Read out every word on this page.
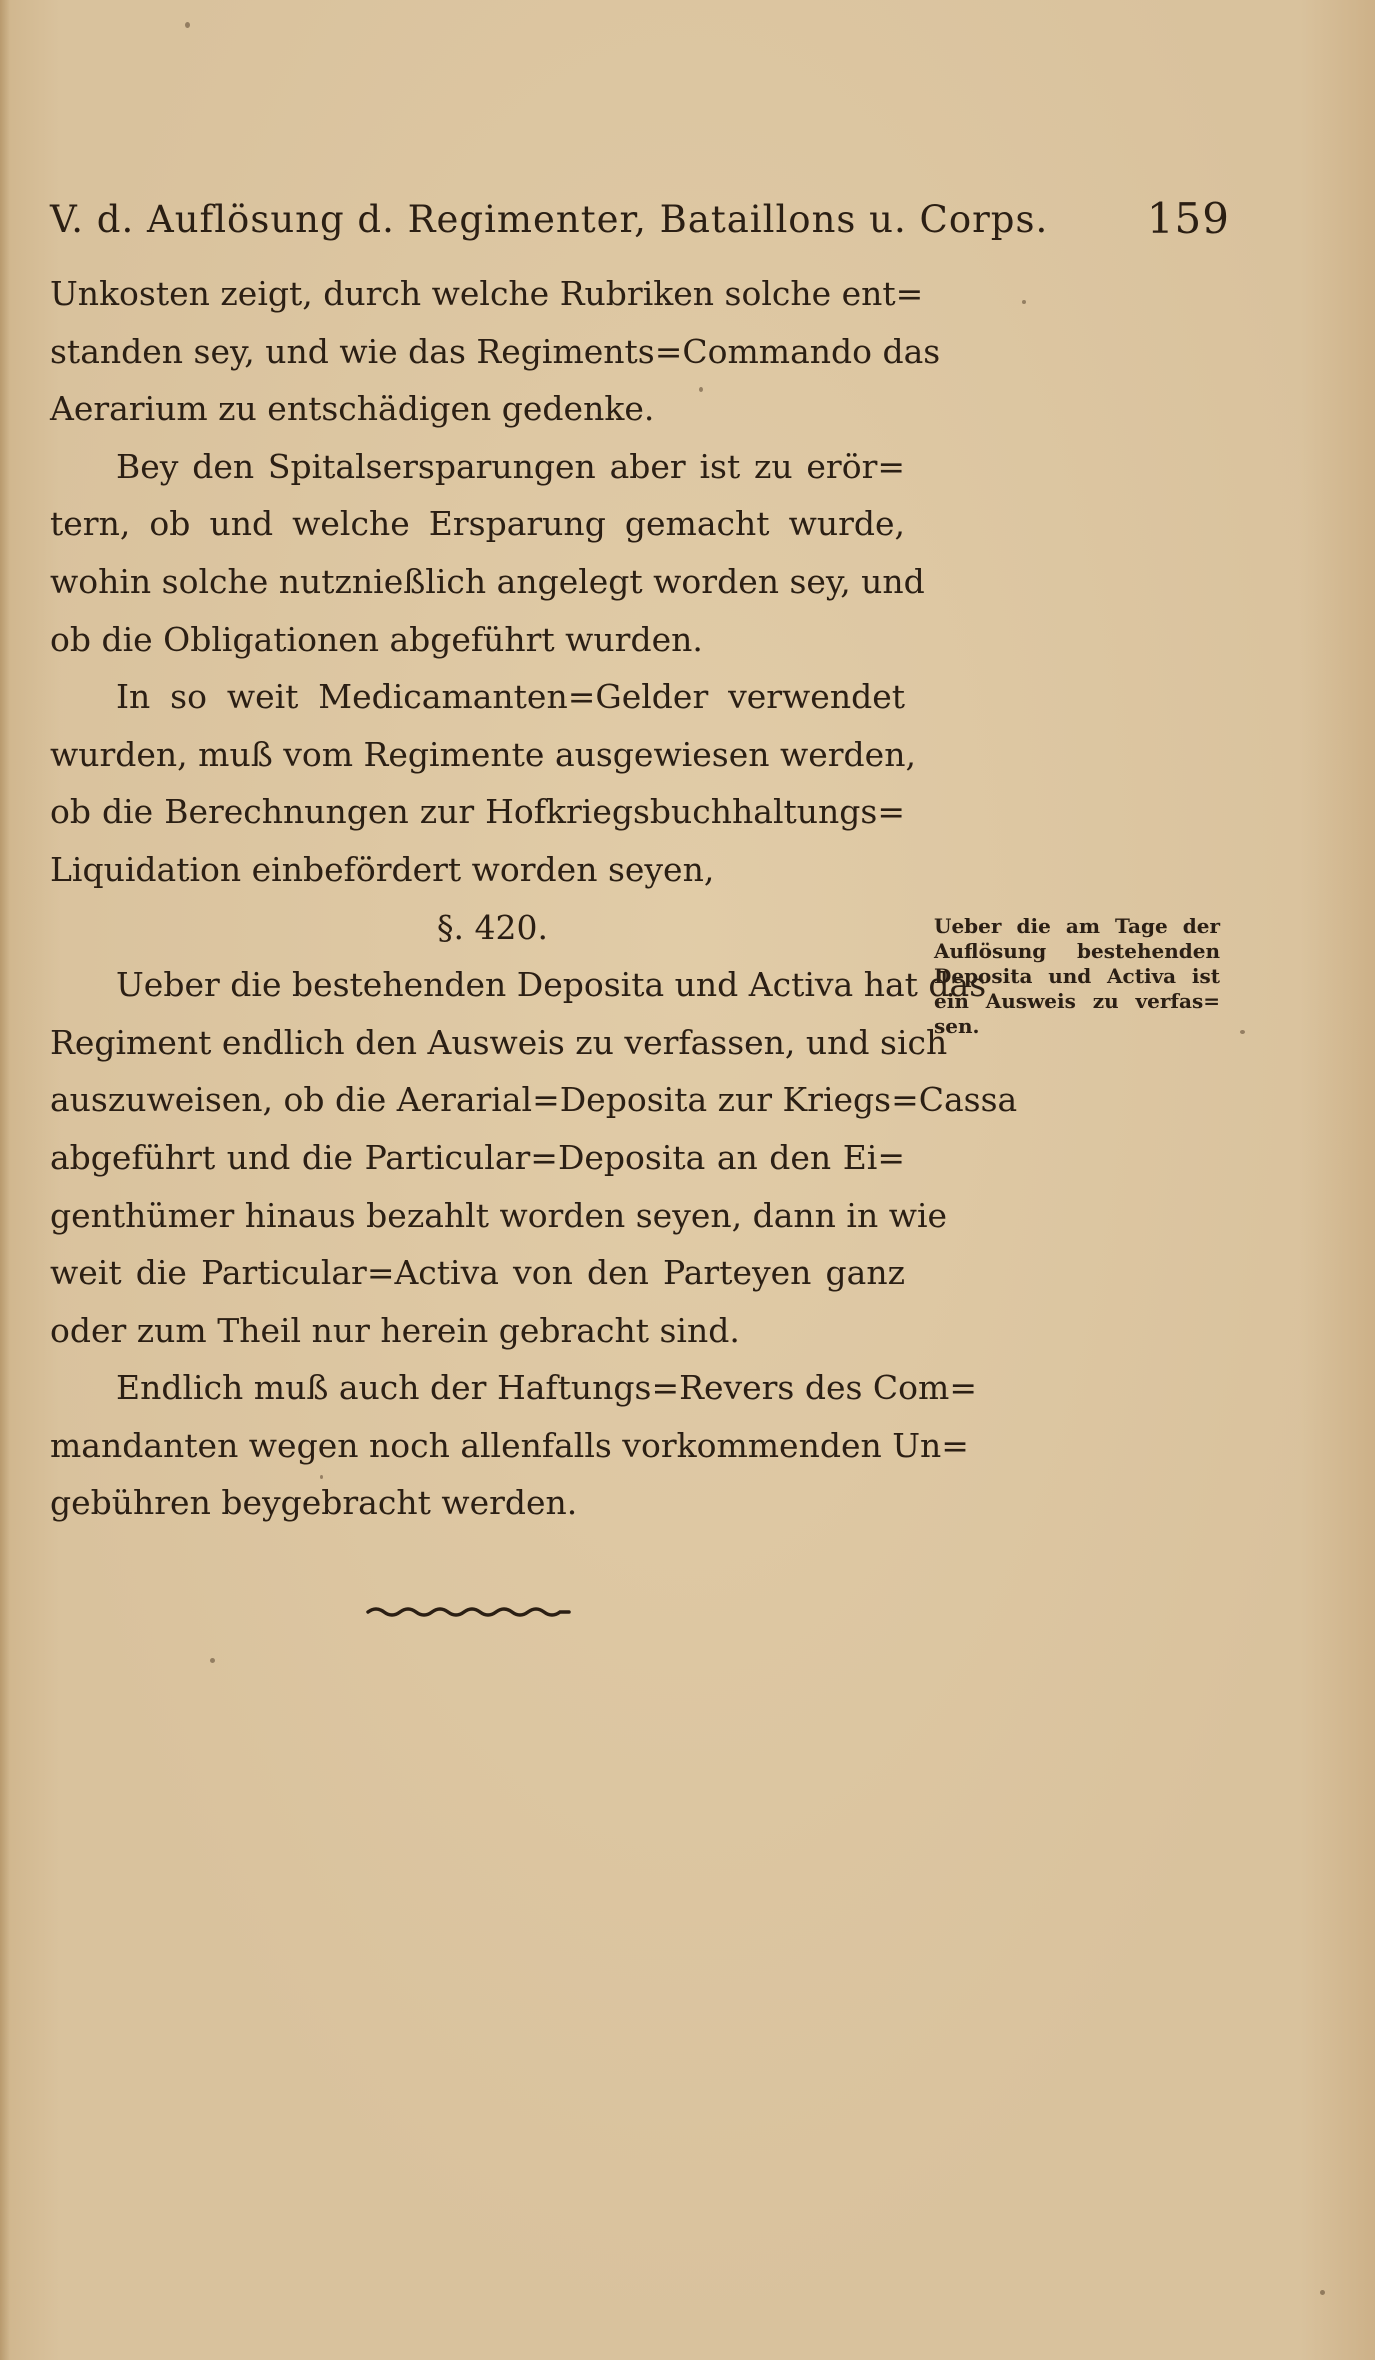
V. d. Auflösung d. Regimenter, Bataillons u. Corps. 159
Unkosten zeigt, durch welche Rubriken solche ent=
standen sey, und wie das Regiments=Commando das
Aerarium zu entschädigen gedenke.
Bey den Spitalsersparungen aber ist zu erör=
tern, ob und welche Ersparung gemacht wurde,
wohin solche nutznießlich angelegt worden sey, und
ob die Obligationen abgeführt wurden.
In so weit Medicamanten=Gelder verwendet
wurden, muß vom Regimente ausgewiesen werden,
ob die Berechnungen zur Hofkriegsbuchhaltungs=
Liquidation einbefördert worden seyen,
§. 420.
Ueber die bestehenden Deposita und Activa hat das
Regiment endlich den Ausweis zu verfassen, und sich
auszuweisen, ob die Aerarial=Deposita zur Kriegs=Cassa
abgeführt und die Particular=Deposita an den Ei=
genthümer hinaus bezahlt worden seyen, dann in wie
weit die Particular=Activa von den Parteyen ganz
oder zum Theil nur herein gebracht sind.
Endlich muß auch der Haftungs=Revers des Com=
mandanten wegen noch allenfalls vorkommenden Un=
gebühren beygebracht werden.
Ueber die am Tage der
Auflösung bestehenden
Deposita und Activa ist
ein Ausweis zu verfas=
sen.
